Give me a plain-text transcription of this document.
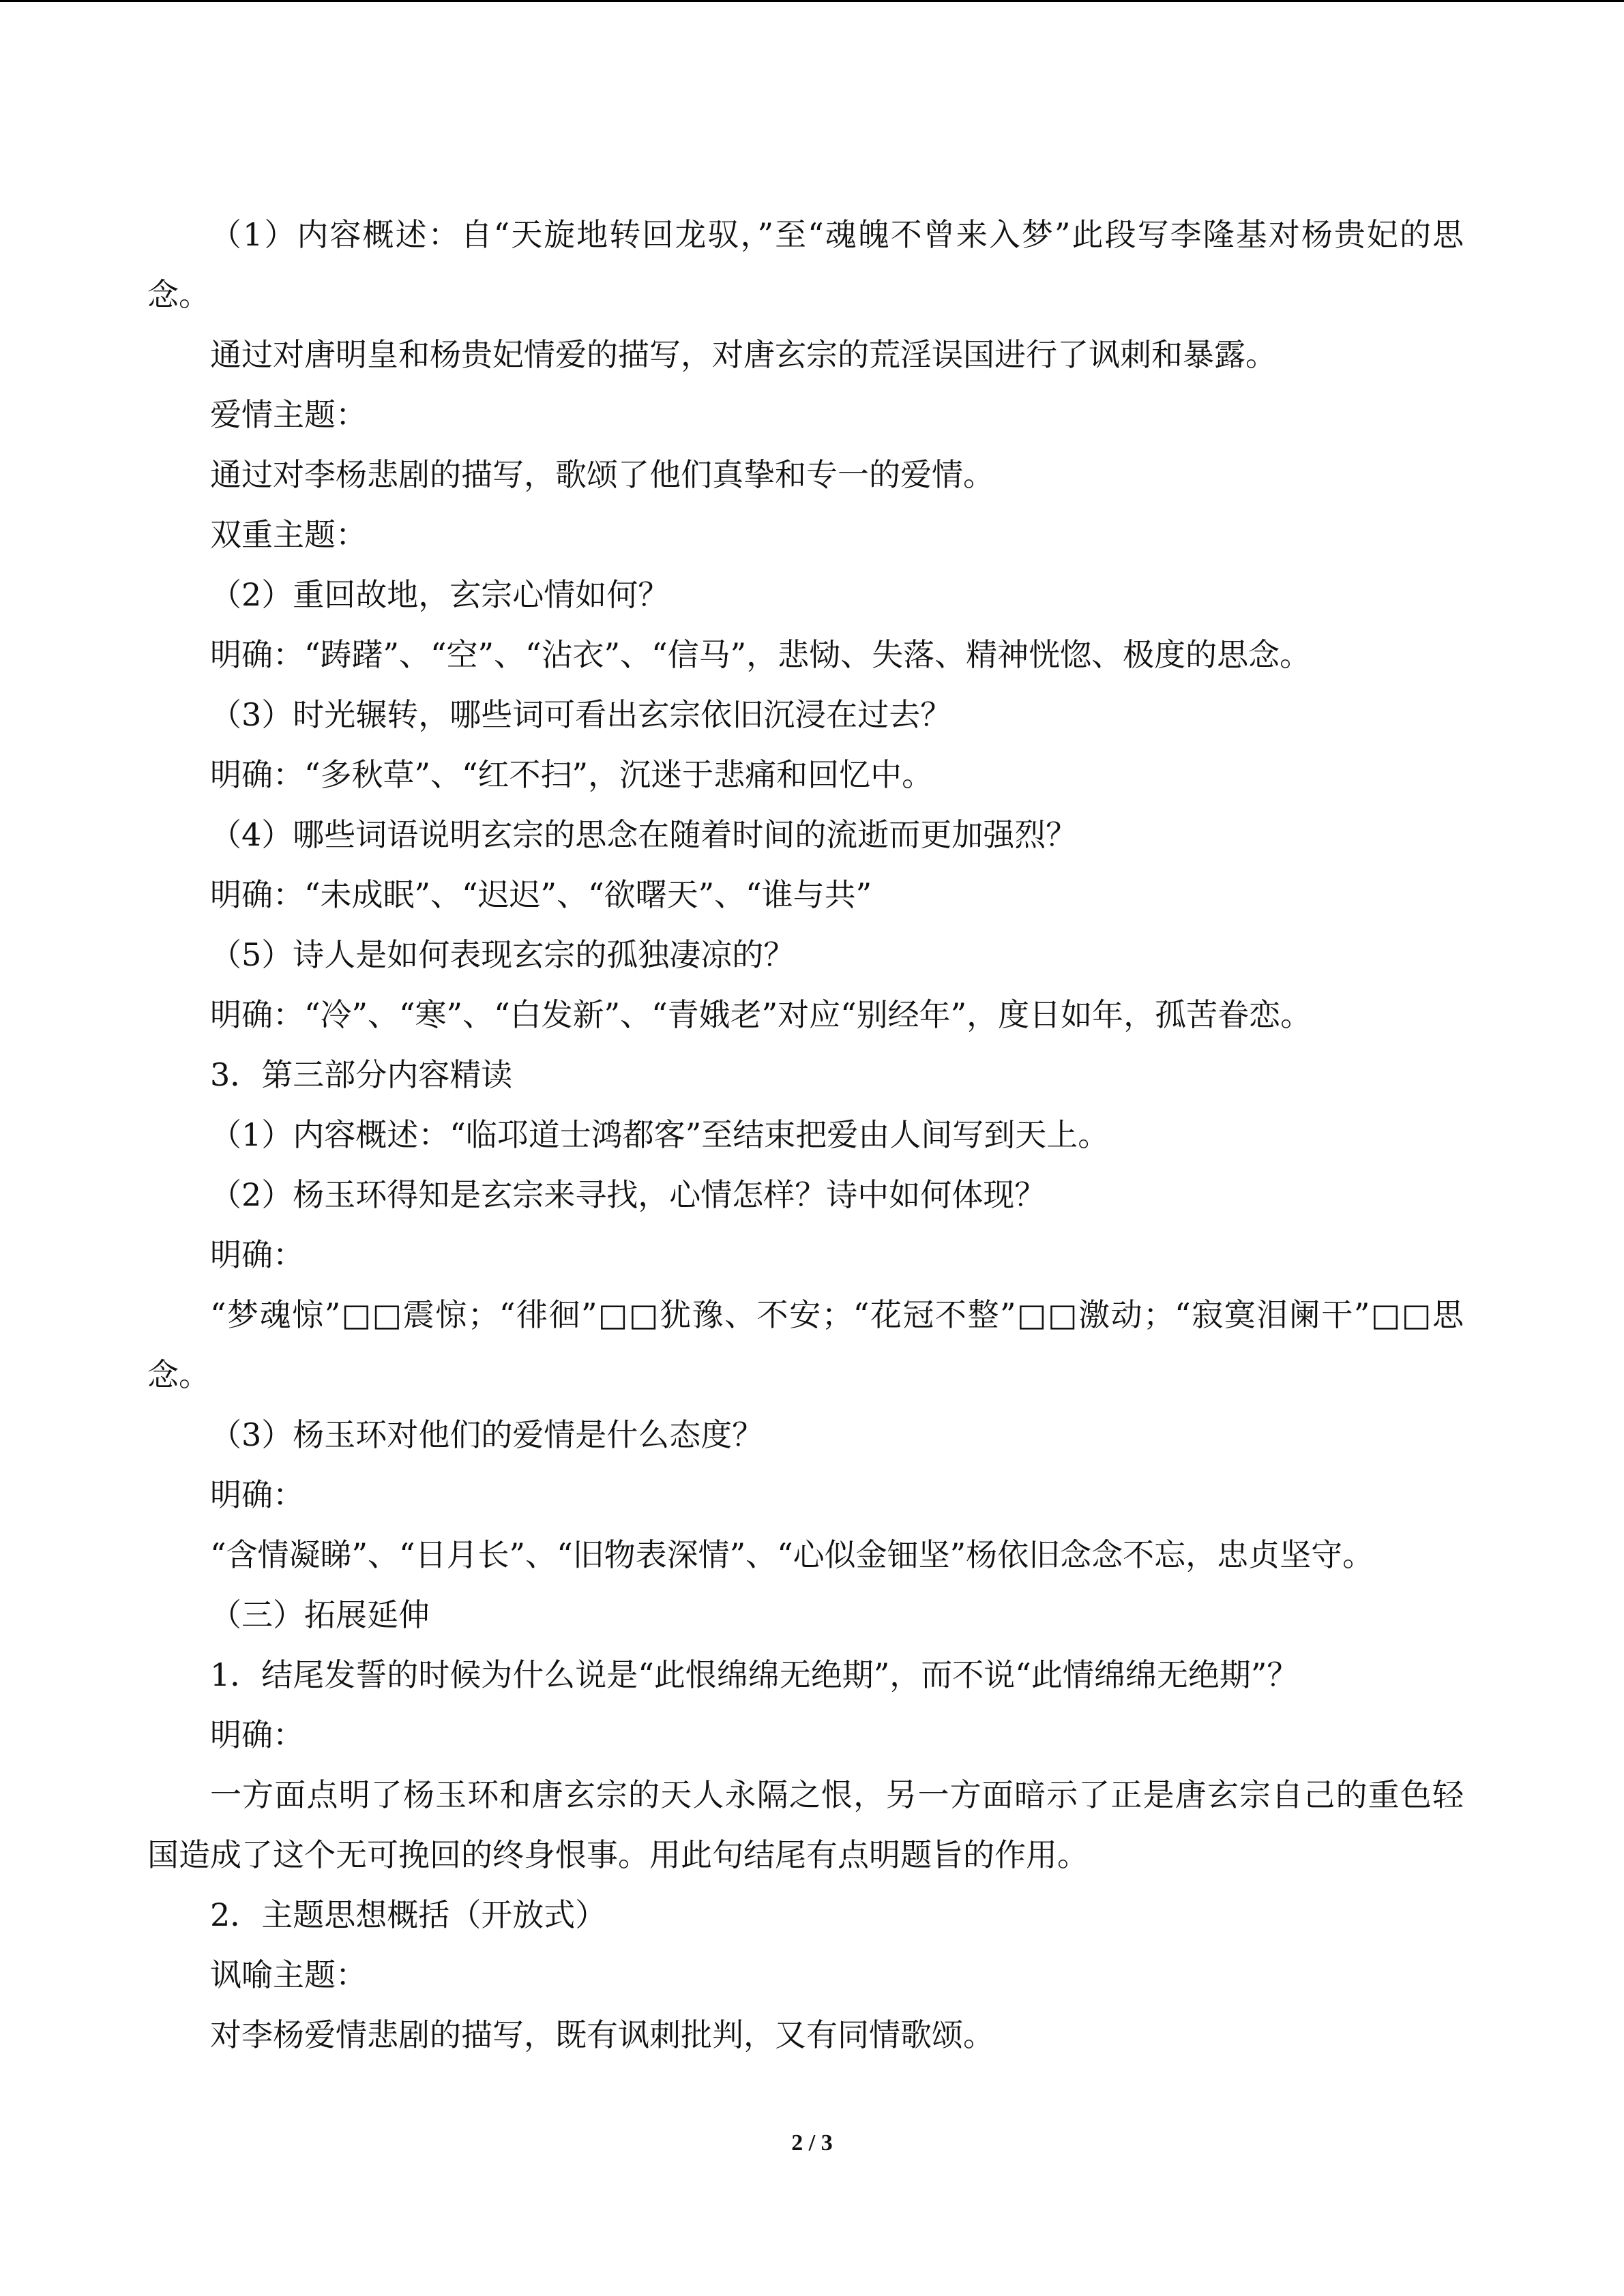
（1）内容概述：自“天旋地转回龙驭，”至“魂魄不曾来入梦”此段写李隆基对杨贵妃的思念。

通过对唐明皇和杨贵妃情爱的描写，对唐玄宗的荒淫误国进行了讽刺和暴露。

爱情主题：

通过对李杨悲剧的描写，歌颂了他们真挚和专一的爱情。

双重主题：

（2）重回故地，玄宗心情如何？

明确：“踌躇”、“空”、“沾衣”、“信马”，悲恸、失落、精神恍惚、极度的思念。

（3）时光辗转，哪些词可看出玄宗依旧沉浸在过去？

明确：“多秋草”、“红不扫”，沉迷于悲痛和回忆中。

（4）哪些词语说明玄宗的思念在随着时间的流逝而更加强烈？

明确：“未成眠”、“迟迟”、“欲曙天”、“谁与共”

（5）诗人是如何表现玄宗的孤独凄凉的？

明确：“冷”、“寒”、“白发新”、“青娥老”对应“别经年”，度日如年，孤苦眷恋。

3．第三部分内容精读

（1）内容概述：“临邛道士鸿都客”至结束把爱由人间写到天上。

（2）杨玉环得知是玄宗来寻找，心情怎样？诗中如何体现？

明确：

“梦魂惊”□□震惊；“徘徊”□□犹豫、不安；“花冠不整”□□激动；“寂寞泪阑干”□□思念。

（3）杨玉环对他们的爱情是什么态度？

明确：

“含情凝睇”、“日月长”、“旧物表深情”、“心似金钿坚”杨依旧念念不忘，忠贞坚守。

（三）拓展延伸

1．结尾发誓的时候为什么说是“此恨绵绵无绝期”，而不说“此情绵绵无绝期”？

明确：

一方面点明了杨玉环和唐玄宗的天人永隔之恨，另一方面暗示了正是唐玄宗自己的重色轻国造成了这个无可挽回的终身恨事。用此句结尾有点明题旨的作用。

2．主题思想概括（开放式）

讽喻主题：

对李杨爱情悲剧的描写，既有讽刺批判，又有同情歌颂。

2 / 3
